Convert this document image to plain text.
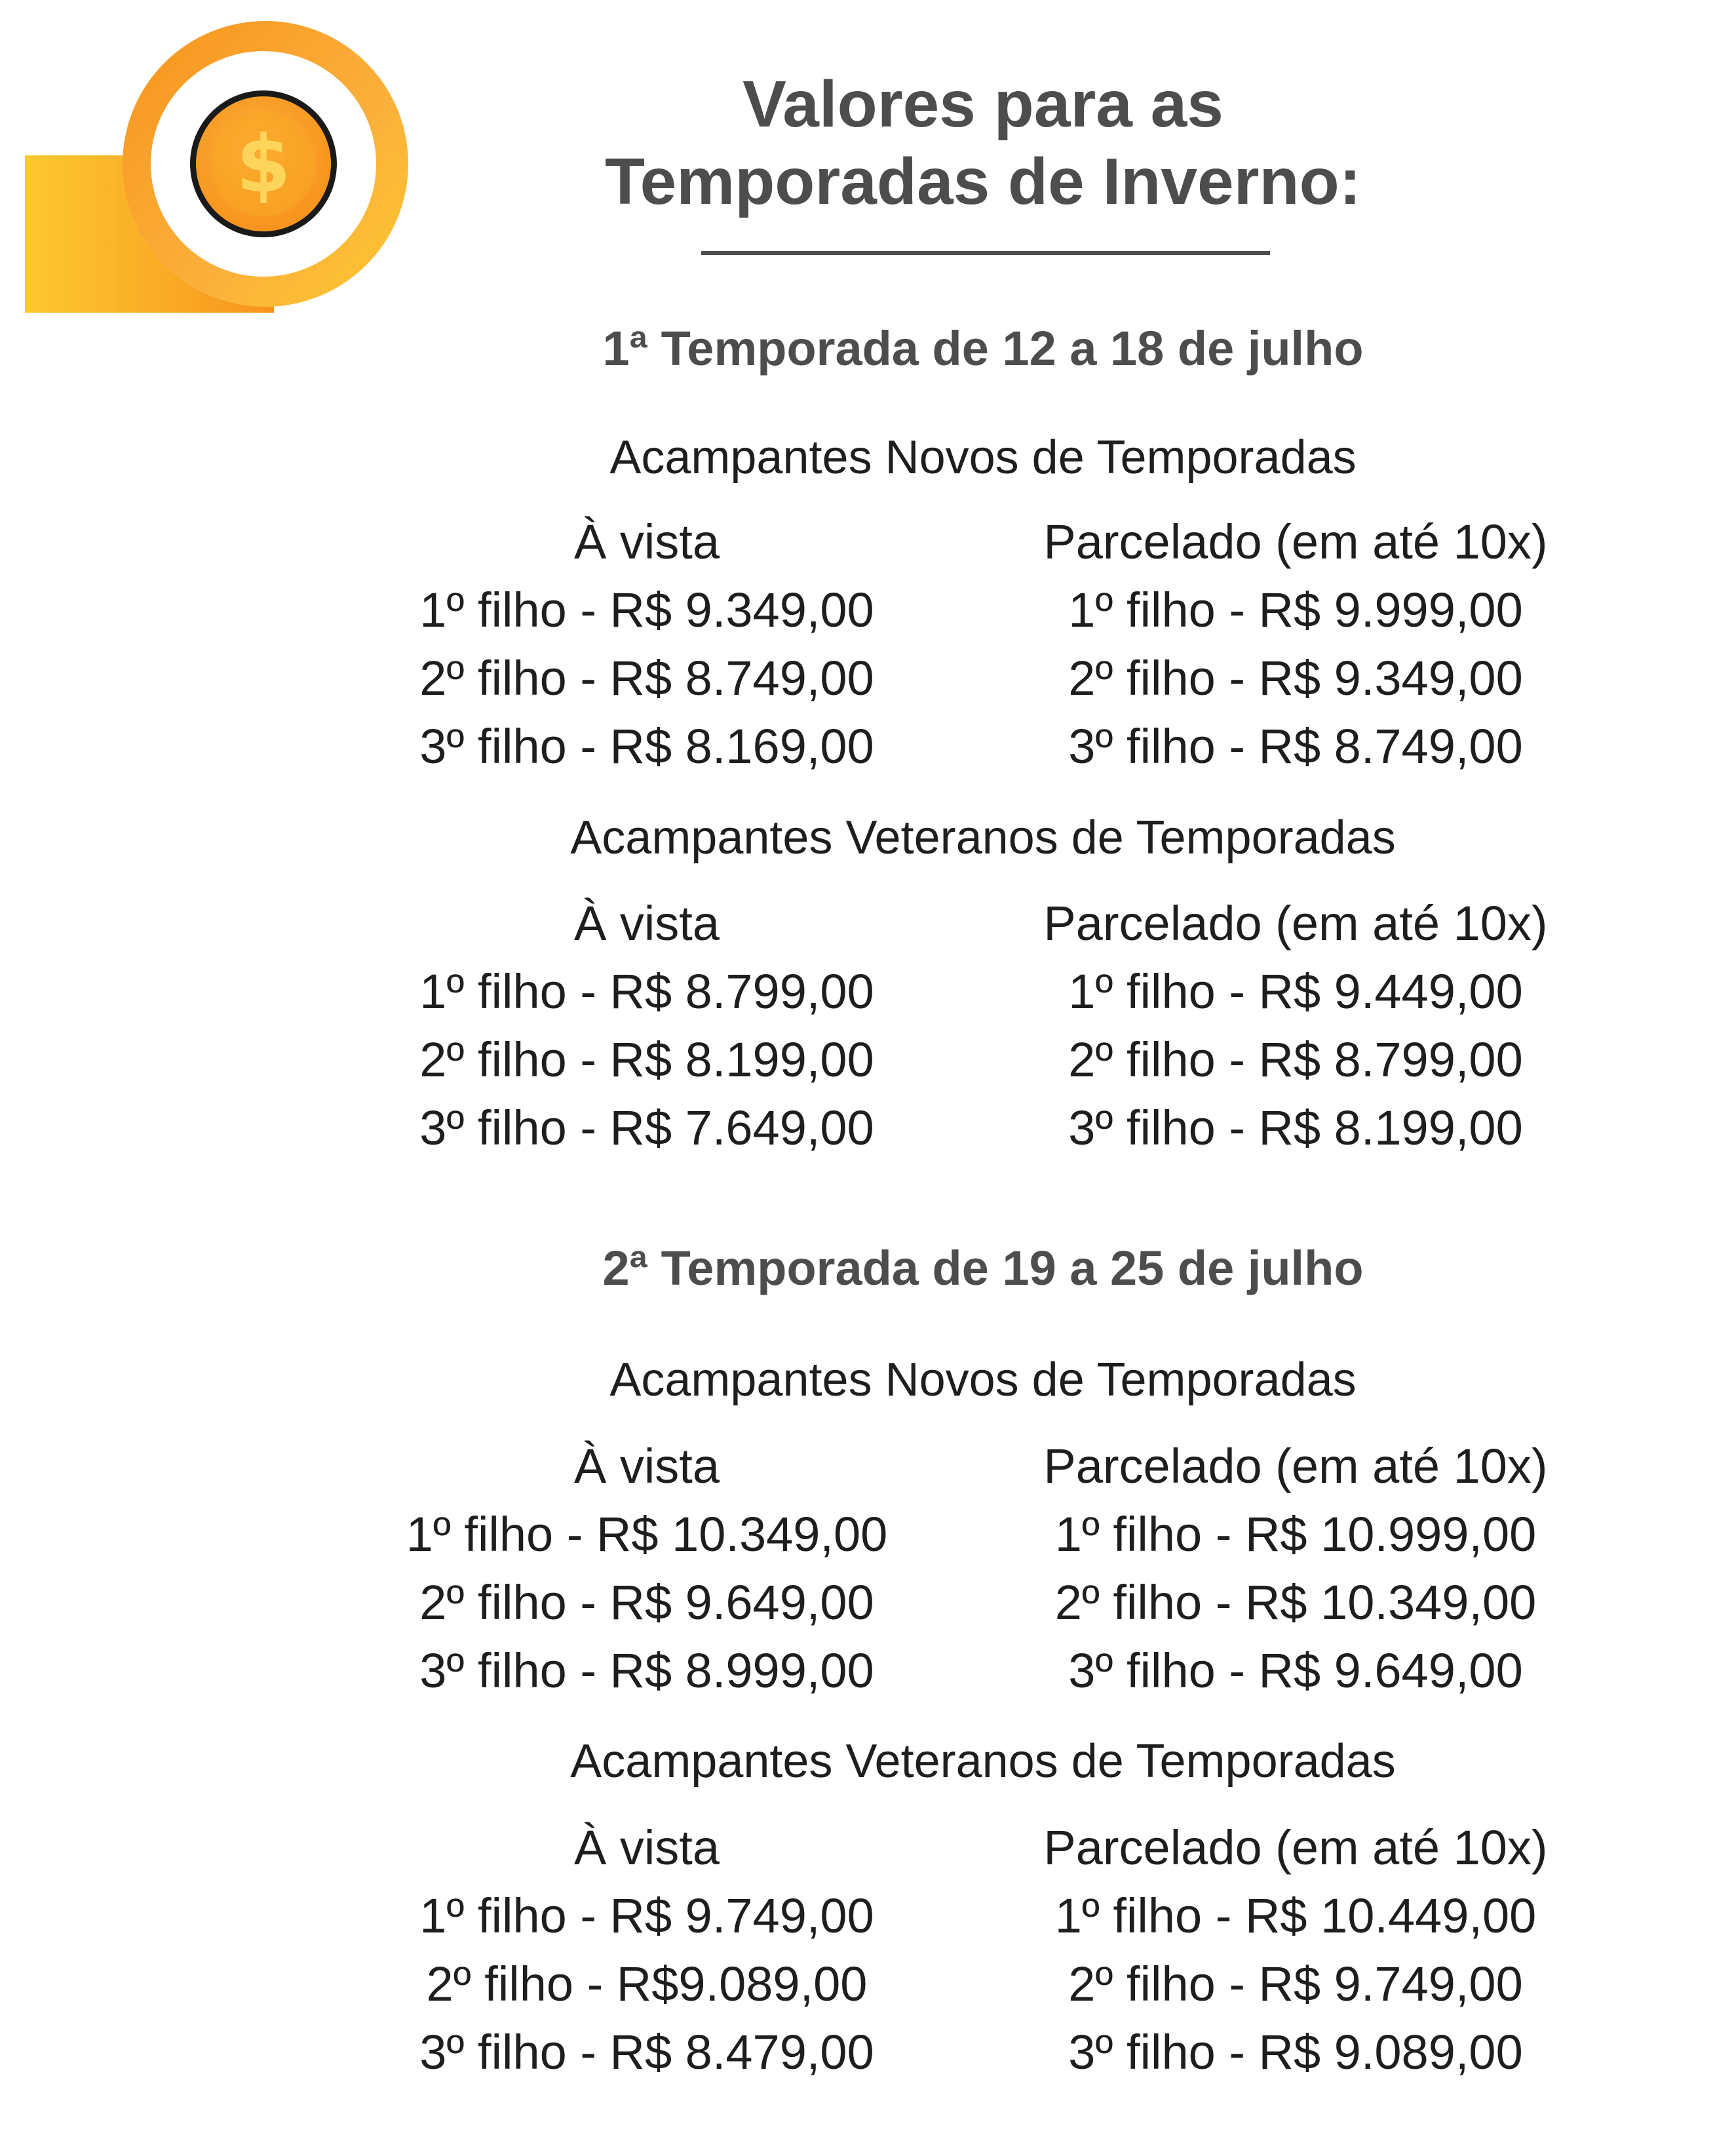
$
Valores para as
Temporadas de Inverno:
1ª Temporada de 12 a 18 de julho
Acampantes Novos de Temporadas
À vista
1º filho - R$ 9.349,00
2º filho - R$ 8.749,00
3º filho - R$ 8.169,00
Parcelado (em até 10x)
1º filho - R$ 9.999,00
2º filho - R$ 9.349,00
3º filho - R$ 8.749,00
Acampantes Veteranos de Temporadas
À vista
1º filho - R$ 8.799,00
2º filho - R$ 8.199,00
3º filho - R$ 7.649,00
Parcelado (em até 10x)
1º filho - R$ 9.449,00
2º filho - R$ 8.799,00
3º filho - R$ 8.199,00
2ª Temporada de 19 a 25 de julho
Acampantes Novos de Temporadas
À vista
1º filho - R$ 10.349,00
2º filho - R$ 9.649,00
3º filho - R$ 8.999,00
Parcelado (em até 10x)
1º filho - R$ 10.999,00
2º filho - R$ 10.349,00
3º filho - R$ 9.649,00
Acampantes Veteranos de Temporadas
À vista
1º filho - R$ 9.749,00
2º filho - R$9.089,00
3º filho - R$ 8.479,00
Parcelado (em até 10x)
1º filho - R$ 10.449,00
2º filho - R$ 9.749,00
3º filho - R$ 9.089,00
